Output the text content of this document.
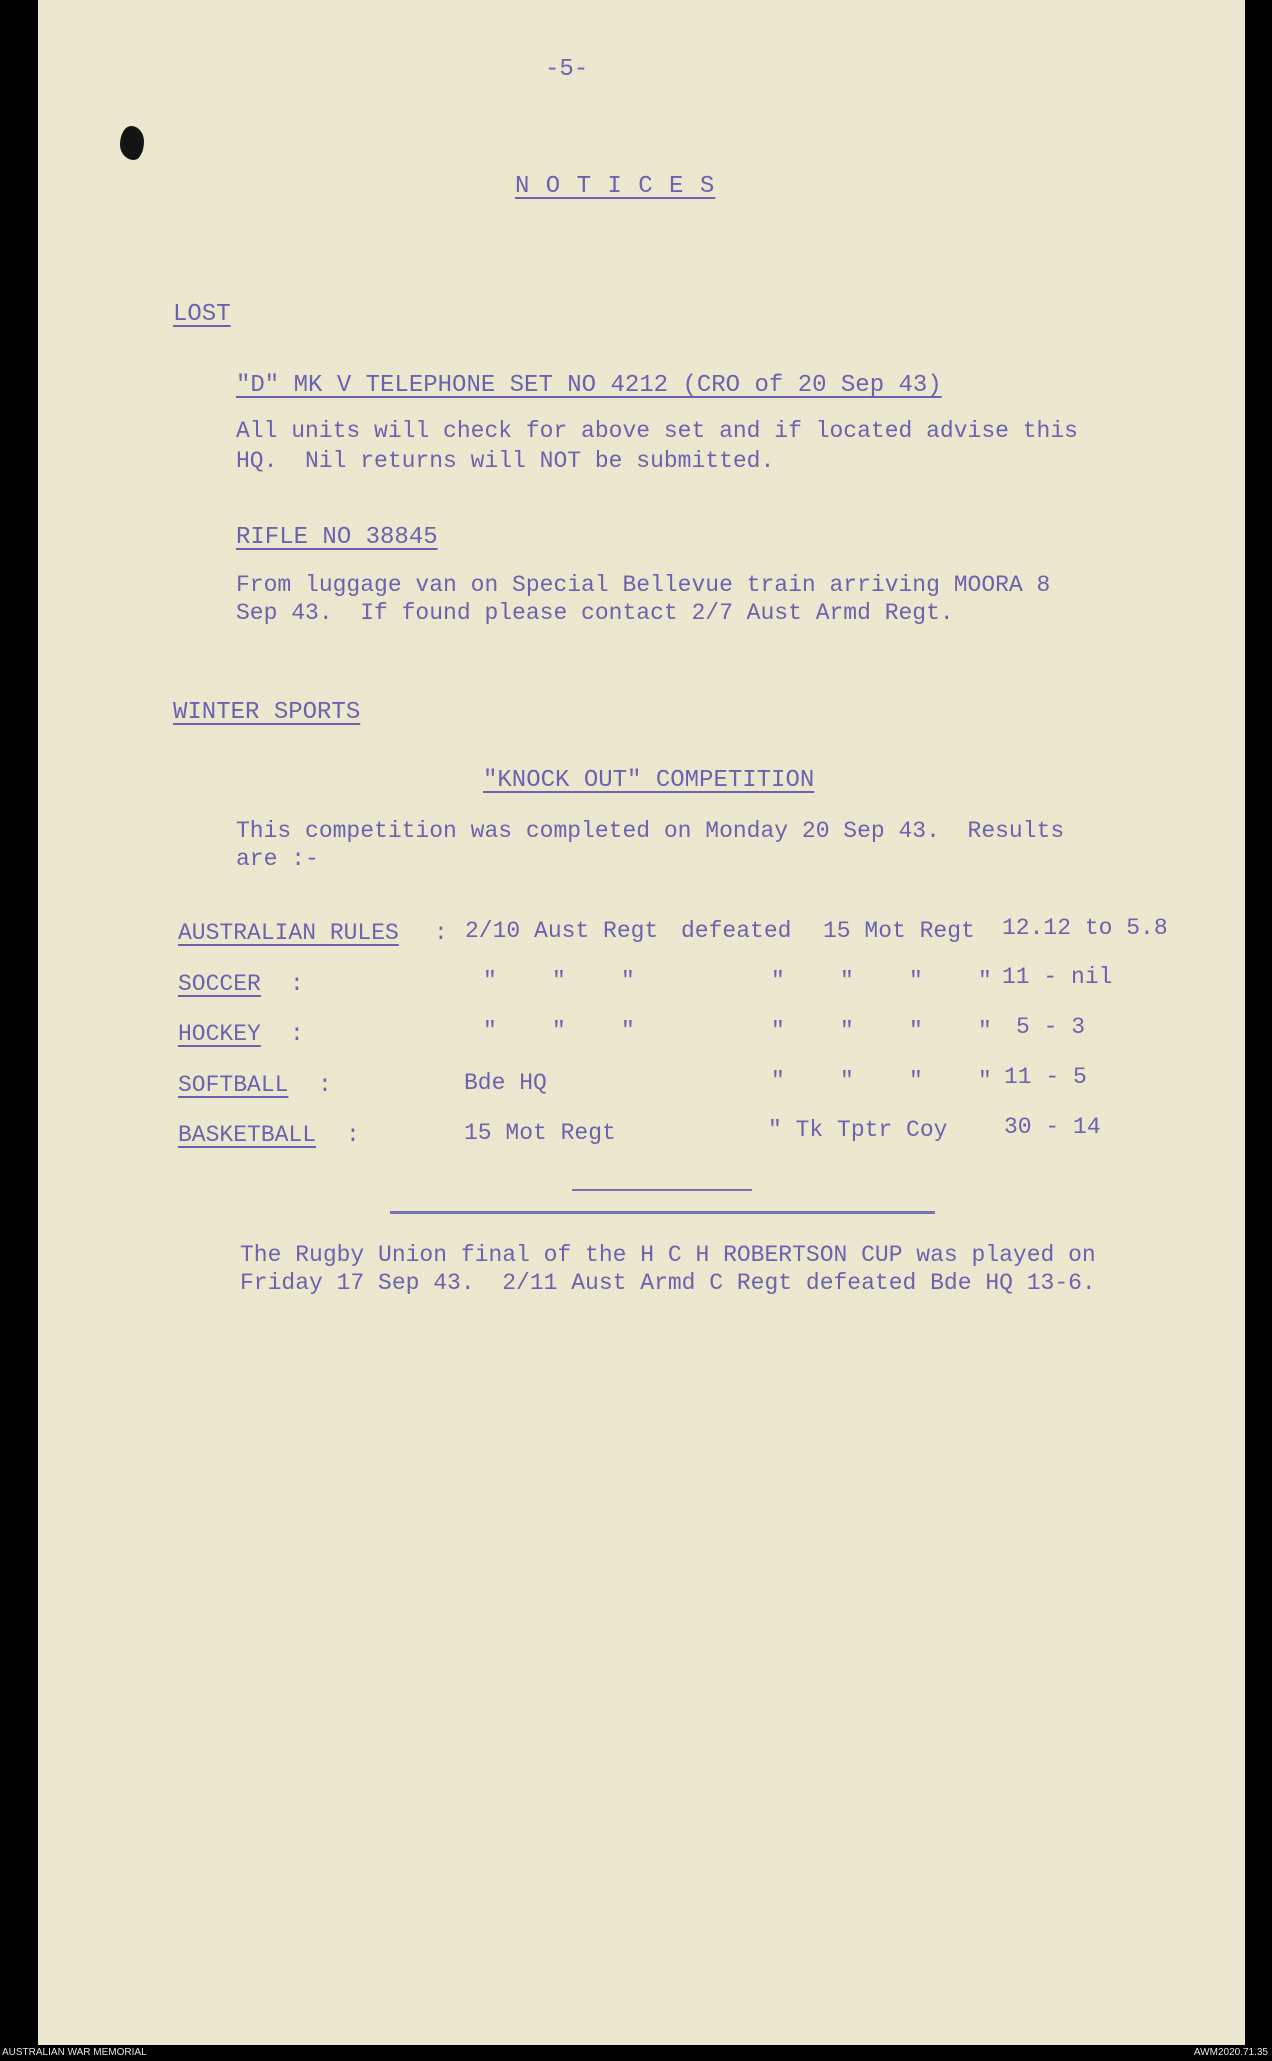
-5-
N O T I C E S
LOST
"D" MK V TELEPHONE SET NO 4212 (CRO of 20 Sep 43)
All units will check for above set and if located advise this
HQ.  Nil returns will NOT be submitted.
RIFLE NO 38845
From luggage van on Special Bellevue train arriving MOORA 8
Sep 43.  If found please contact 2/7 Aust Armd Regt.
WINTER SPORTS
"KNOCK OUT" COMPETITION
This competition was completed on Monday 20 Sep 43.  Results
are :-
AUSTRALIAN RULES : 2/10 Aust Regt defeated 15 Mot Regt 12.12 to 5.8
SOCCER :	"    "    "	"    "    "    " 11 - nil
HOCKEY :	"    "    "	"    "    "    " 5 - 3
SOFTBALL :	Bde HQ	"    "    "    " 11 - 5
BASKETBALL :	15 Mot Regt	" Tk Tptr Coy 30 - 14
The Rugby Union final of the H C H ROBERTSON CUP was played on
Friday 17 Sep 43.  2/11 Aust Armd C Regt defeated Bde HQ 13-6.
AUSTRALIAN WAR MEMORIAL	AWM2020.71.35
